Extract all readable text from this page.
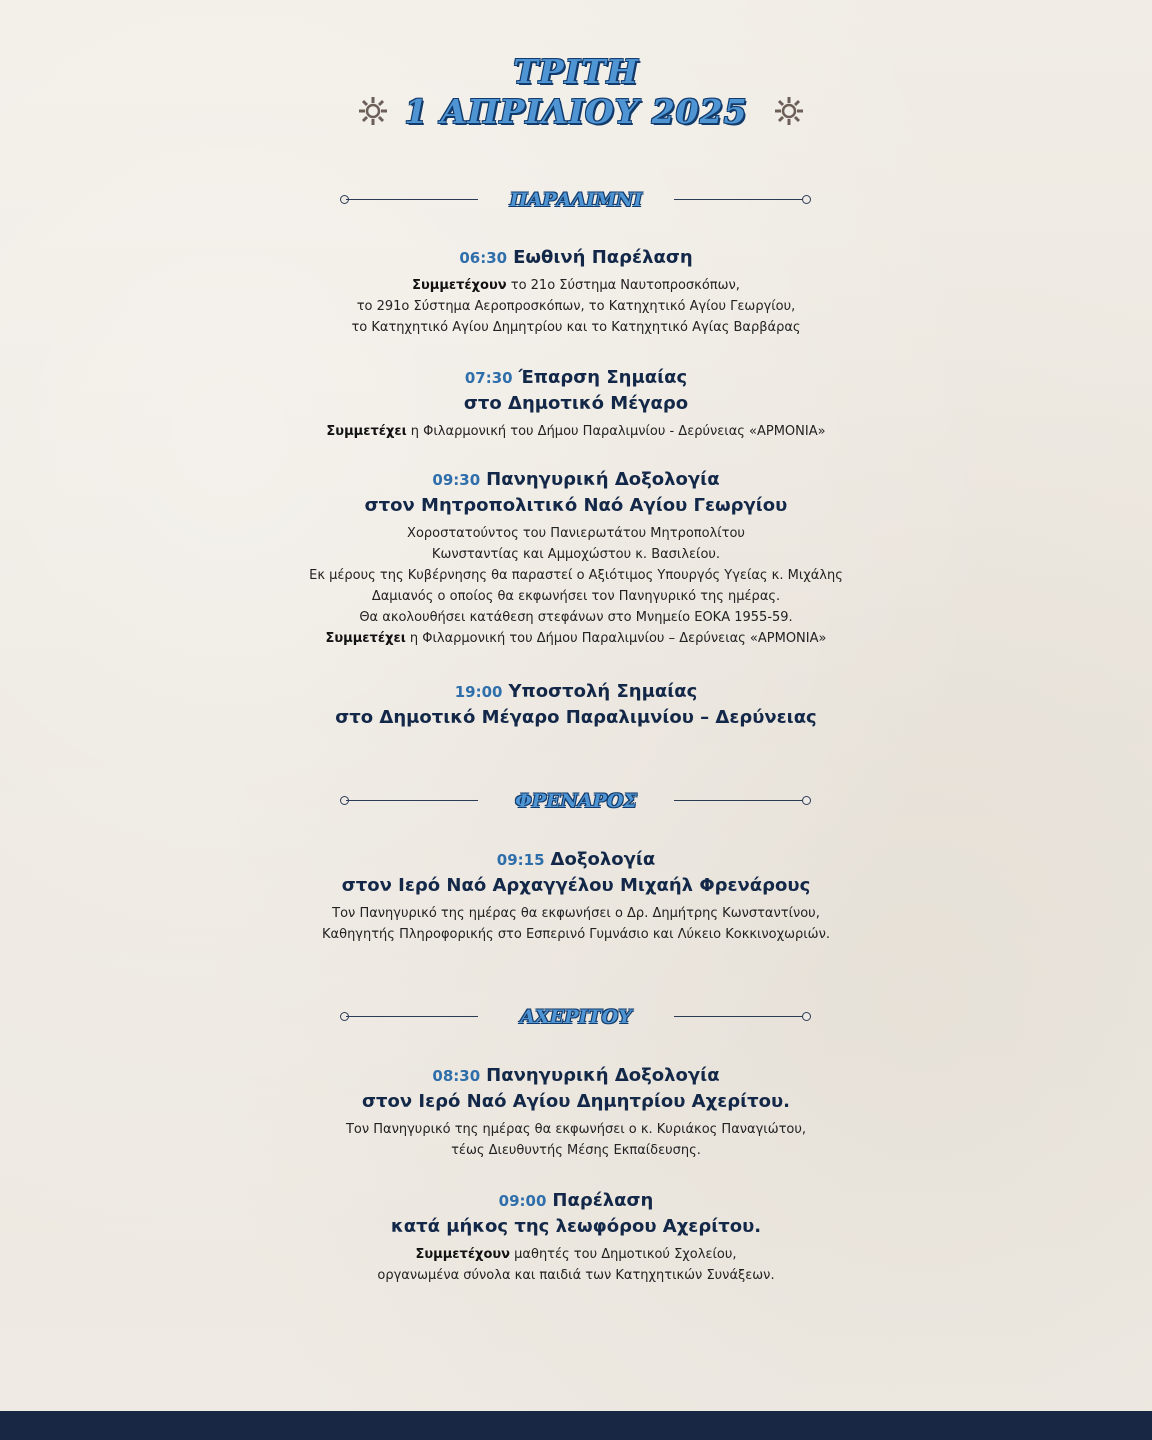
ΤΡΙΤΗ
1 ΑΠΡΙΛΙΟΥ 2025
ΠΑΡΑΛΙΜΝΙ
06:30 Εωθινή Παρέλαση
Συμμετέχουν το 21ο Σύστημα Ναυτοπροσκόπων,
το 291ο Σύστημα Αεροπροσκόπων, το Κατηχητικό Αγίου Γεωργίου,
το Κατηχητικό Αγίου Δημητρίου και το Κατηχητικό Αγίας Βαρβάρας
07:30 Έπαρση Σημαίας
στο Δημοτικό Μέγαρο
Συμμετέχει η Φιλαρμονική του Δήμου Παραλιμνίου - Δερύνειας «ΑΡΜΟΝΙΑ»
09:30 Πανηγυρική Δοξολογία
στον Μητροπολιτικό Ναό Αγίου Γεωργίου
Χοροστατούντος του Πανιερωτάτου Μητροπολίτου
Κωνσταντίας και Αμμοχώστου κ. Βασιλείου.
Εκ μέρους της Κυβέρνησης θα παραστεί ο Αξιότιμος Υπουργός Υγείας κ. Μιχάλης
Δαμιανός ο οποίος θα εκφωνήσει τον Πανηγυρικό της ημέρας.
Θα ακολουθήσει κατάθεση στεφάνων στο Μνημείο ΕΟΚΑ 1955-59.
Συμμετέχει η Φιλαρμονική του Δήμου Παραλιμνίου – Δερύνειας «ΑΡΜΟΝΙΑ»
19:00 Υποστολή Σημαίας
στο Δημοτικό Μέγαρο Παραλιμνίου – Δερύνειας
ΦΡΕΝΑΡΟΣ
09:15 Δοξολογία
στον Ιερό Ναό Αρχαγγέλου Μιχαήλ Φρενάρους
Τον Πανηγυρικό της ημέρας θα εκφωνήσει ο Δρ. Δημήτρης Κωνσταντίνου,
Καθηγητής Πληροφορικής στο Εσπερινό Γυμνάσιο και Λύκειο Κοκκινοχωριών.
ΑΧΕΡΙΤΟΥ
08:30 Πανηγυρική Δοξολογία
στον Ιερό Ναό Αγίου Δημητρίου Αχερίτου.
Τον Πανηγυρικό της ημέρας θα εκφωνήσει ο κ. Κυριάκος Παναγιώτου,
τέως Διευθυντής Μέσης Εκπαίδευσης.
09:00 Παρέλαση
κατά μήκος της λεωφόρου Αχερίτου.
Συμμετέχουν μαθητές του Δημοτικού Σχολείου,
οργανωμένα σύνολα και παιδιά των Κατηχητικών Συνάξεων.
